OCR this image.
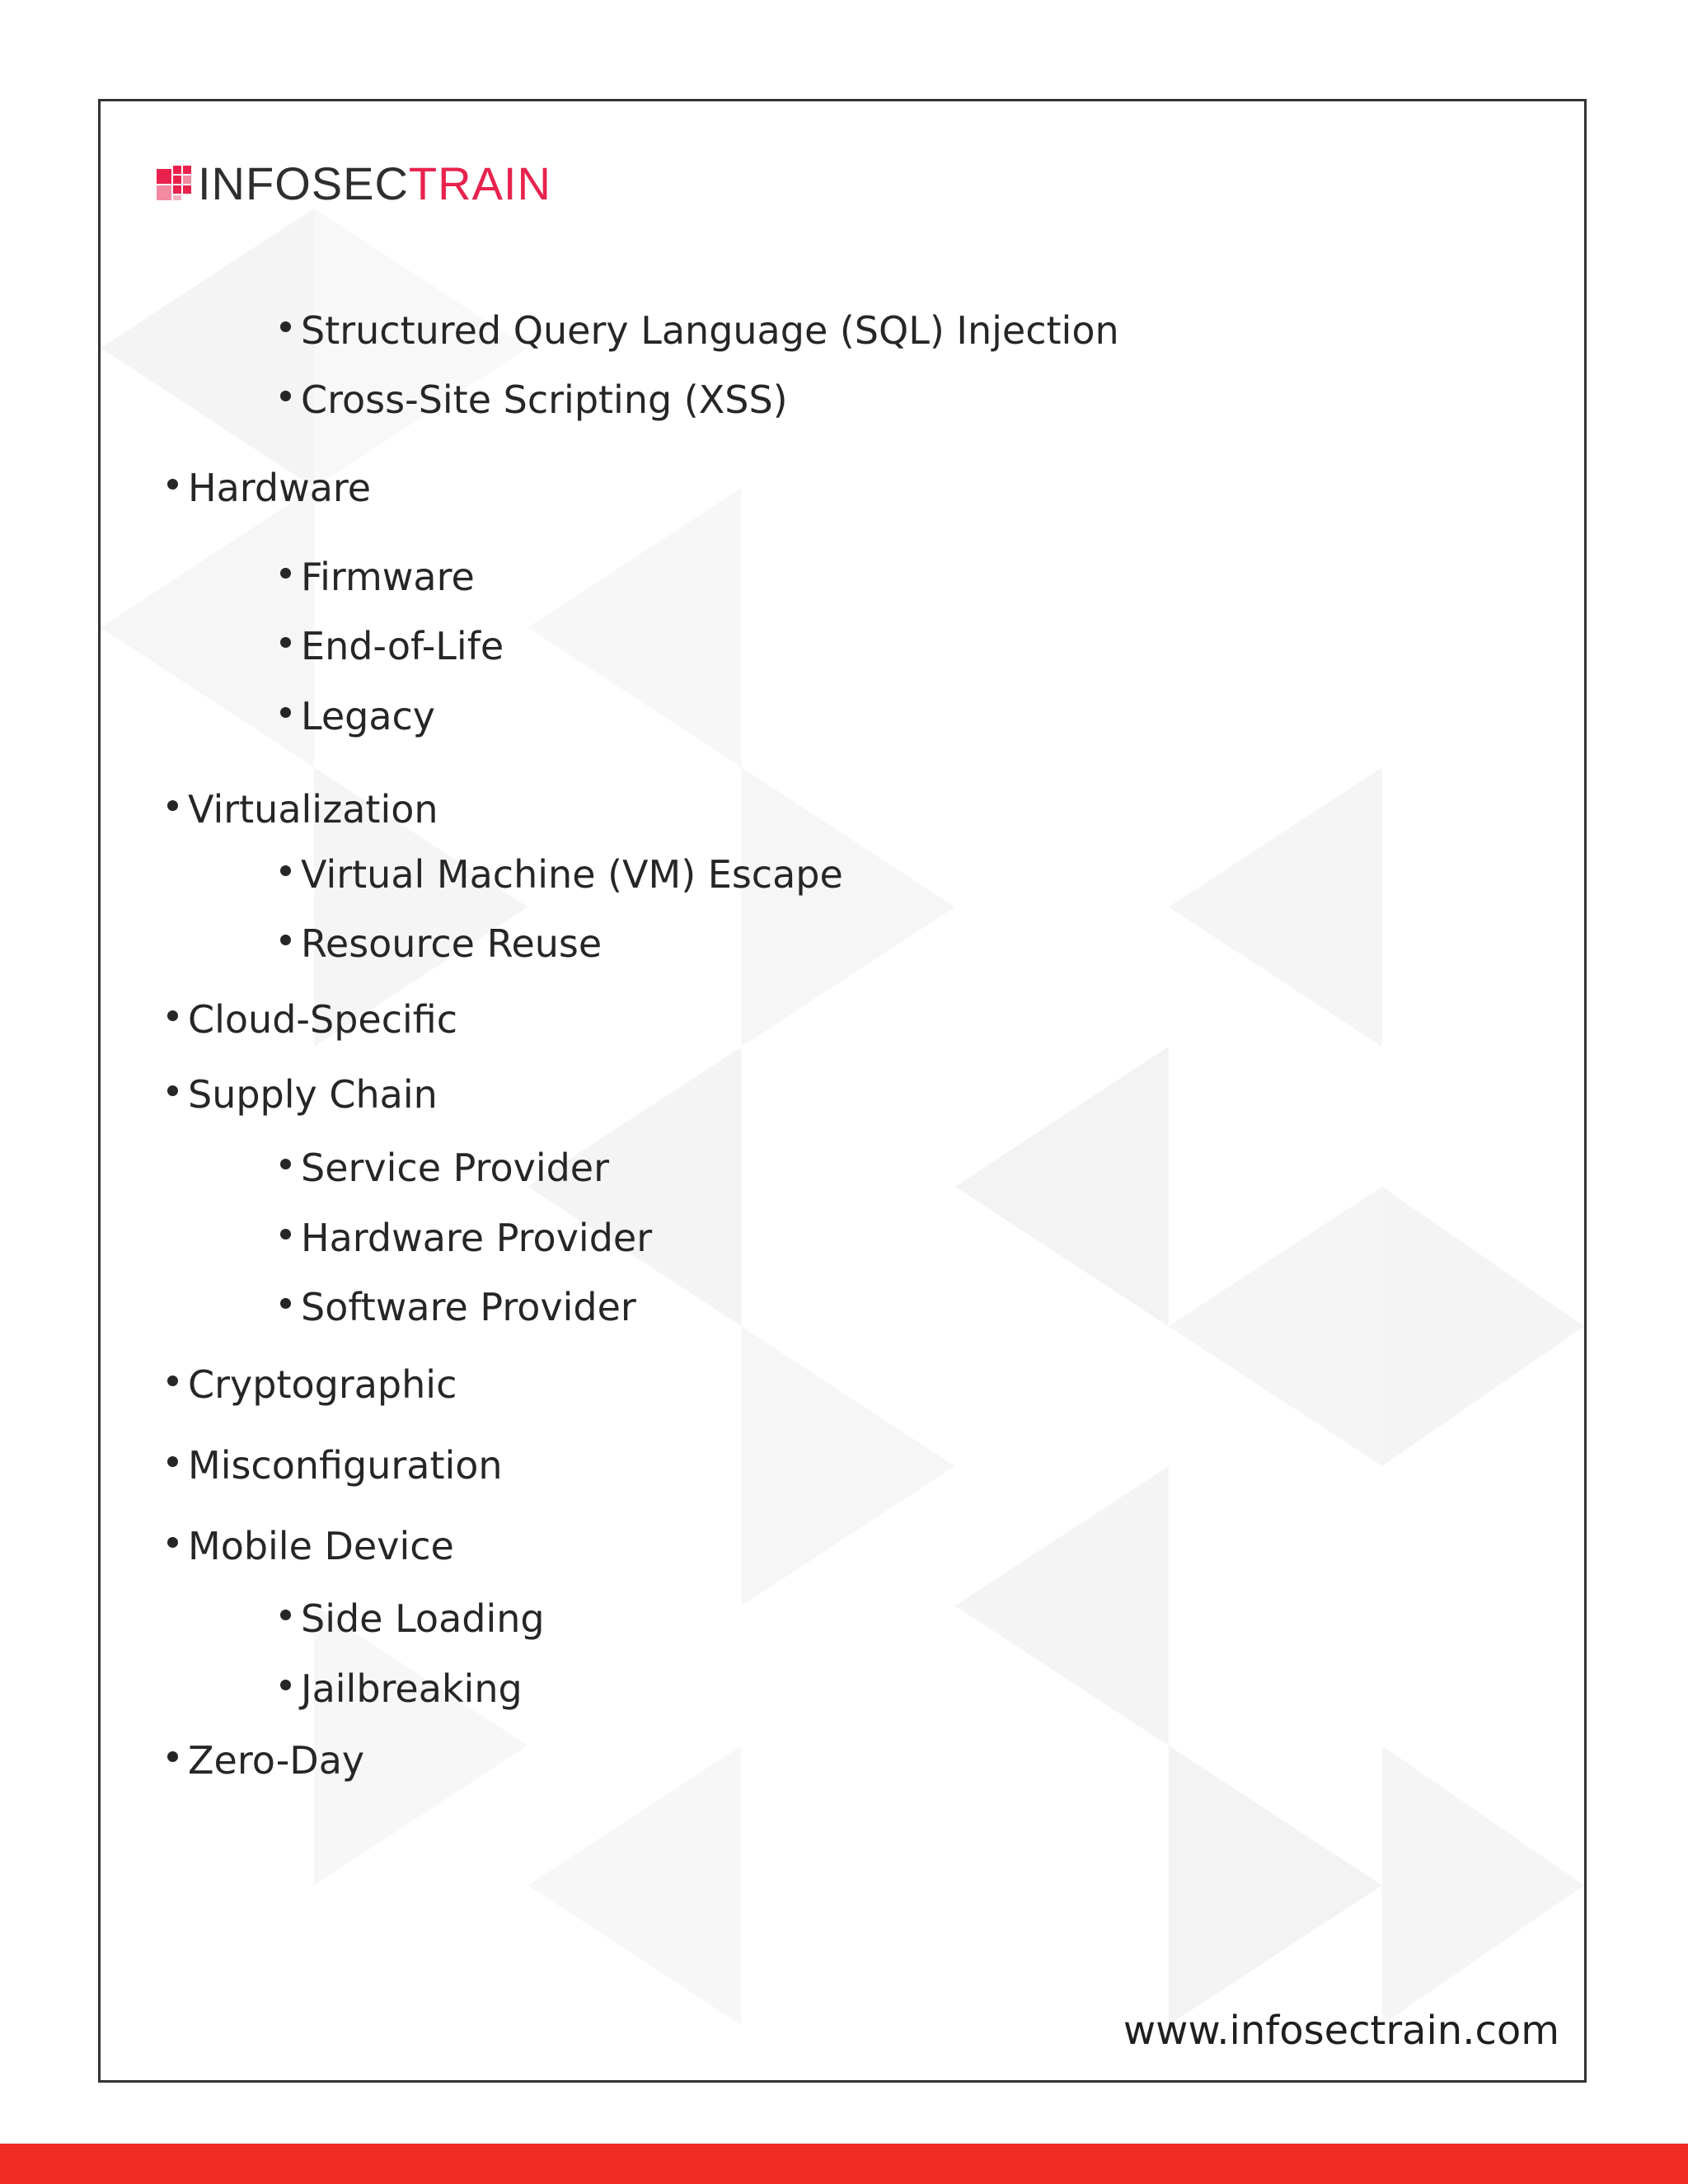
INFOSECTRAIN
Structured Query Language (SQL) Injection
Cross-Site Scripting (XSS)
Hardware
Firmware
End-of-Life
Legacy
Virtualization
Virtual Machine (VM) Escape
Resource Reuse
Cloud-Specific
Supply Chain
Service Provider
Hardware Provider
Software Provider
Cryptographic
Misconfiguration
Mobile Device
Side Loading
Jailbreaking
Zero-Day
www.infosectrain.com
